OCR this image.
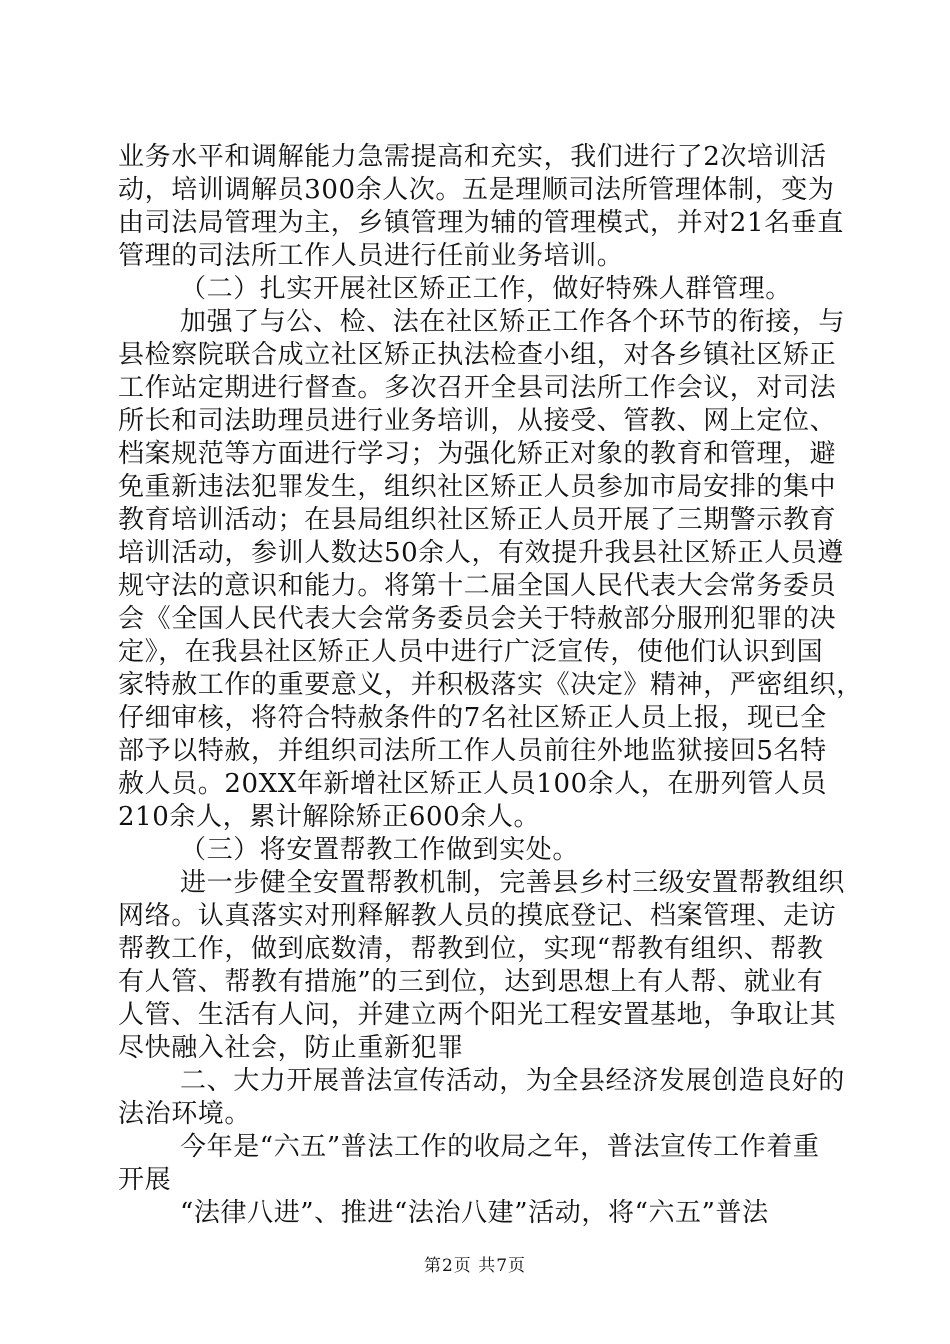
业务水平和调解能力急需提高和充实，我们进行了2次培训活
动，培训调解员300余人次。五是理顺司法所管理体制，变为
由司法局管理为主，乡镇管理为辅的管理模式，并对21名垂直
管理的司法所工作人员进行任前业务培训。
（二）扎实开展社区矫正工作，做好特殊人群管理。
加强了与公、检、法在社区矫正工作各个环节的衔接，与
县检察院联合成立社区矫正执法检查小组，对各乡镇社区矫正
工作站定期进行督查。多次召开全县司法所工作会议，对司法
所长和司法助理员进行业务培训，从接受、管教、网上定位、
档案规范等方面进行学习；为强化矫正对象的教育和管理，避
免重新违法犯罪发生，组织社区矫正人员参加市局安排的集中
教育培训活动；在县局组织社区矫正人员开展了三期警示教育
培训活动，参训人数达50余人，有效提升我县社区矫正人员遵
规守法的意识和能力。将第十二届全国人民代表大会常务委员
会《全国人民代表大会常务委员会关于特赦部分服刑犯罪的决
定》，在我县社区矫正人员中进行广泛宣传，使他们认识到国
家特赦工作的重要意义，并积极落实《决定》精神，严密组织，
仔细审核，将符合特赦条件的7名社区矫正人员上报，现已全
部予以特赦，并组织司法所工作人员前往外地监狱接回5名特
赦人员。20XX年新增社区矫正人员100余人，在册列管人员
210余人，累计解除矫正600余人。
（三）将安置帮教工作做到实处。
进一步健全安置帮教机制，完善县乡村三级安置帮教组织
网络。认真落实对刑释解教人员的摸底登记、档案管理、走访
帮教工作，做到底数清，帮教到位，实现“帮教有组织、帮教
有人管、帮教有措施”的三到位，达到思想上有人帮、就业有
人管、生活有人问，并建立两个阳光工程安置基地，争取让其
尽快融入社会，防止重新犯罪
二、大力开展普法宣传活动，为全县经济发展创造良好的
法治环境。
今年是“六五”普法工作的收局之年，普法宣传工作着重
开展
“法律八进”、推进“法治八建”活动，将“六五”普法
第2页 共7页
